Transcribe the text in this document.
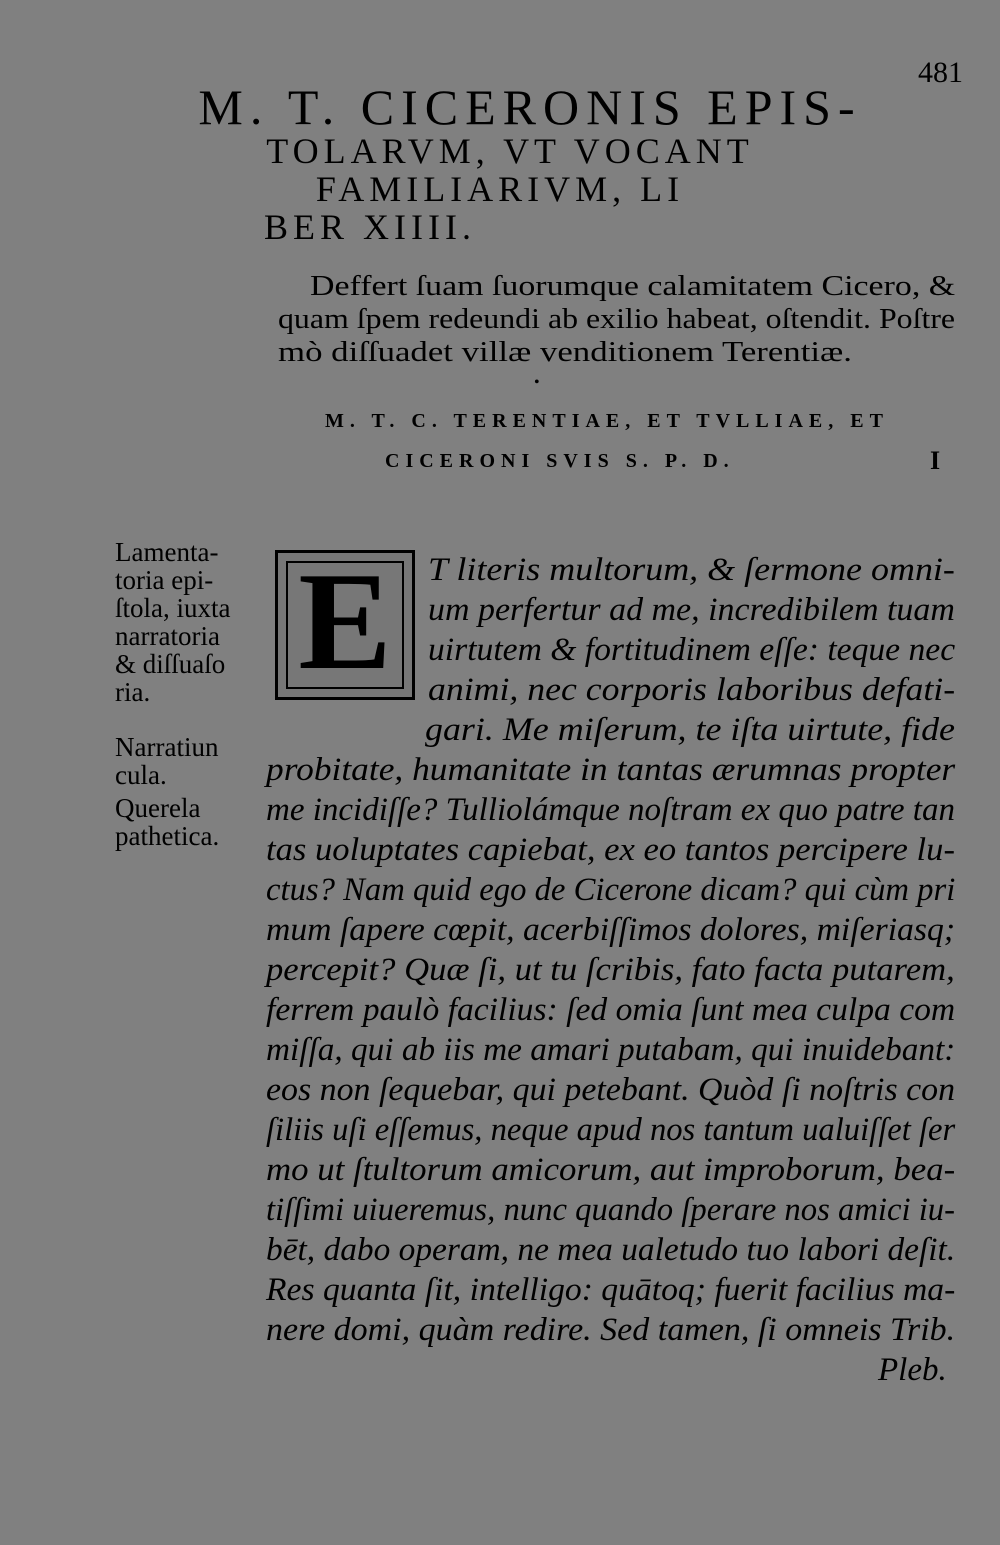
481
M. T. CICERONIS EPIS-
TOLARVM, VT VOCANT
FAMILIARIVM, LI
BER XIIII.
Deffert ſuam ſuorumque calamitatem Cicero, &
quam ſpem redeundi ab exilio habeat, oſtendit. Poſtre
mò diſſuadet villæ venditionem Terentiæ.
•
M. T. C. TERENTIAE, ET TVLLIAE, ET
CICERONI SVIS S. P. D.	I
Lamenta-
toria epi-
ſtola, iuxta
narratoria
& diſſuaſo
ria.
Narratiun
cula.
Querela
pathetica.
E	T literis multorum, & ſermone omni-
um perfertur ad me, incredibilem tuam
uirtutem & fortitudinem eſſe: teque nec
animi, nec corporis laboribus defati-
gari. Me miſerum, te iſta uirtute, fide
probitate, humanitate in tantas ærumnas propter
me incidiſſe? Tulliolámque noſtram ex quo patre tan
tas uoluptates capiebat, ex eo tantos percipere lu-
ctus? Nam quid ego de Cicerone dicam? qui cùm pri
mum ſapere cœpit, acerbiſſimos dolores, miſeriasq;
percepit? Quæ ſi, ut tu ſcribis, fato facta putarem,
ferrem paulò facilius: ſed omia ſunt mea culpa com
miſſa, qui ab iis me amari putabam, qui inuidebant:
eos non ſequebar, qui petebant. Quòd ſi noſtris con
ſiliis uſi eſſemus, neque apud nos tantum ualuiſſet ſer
mo ut ſtultorum amicorum, aut improborum, bea-
tiſſimi uiueremus, nunc quando ſperare nos amici iu-
bēt, dabo operam, ne mea ualetudo tuo labori deſit.
Res quanta ſit, intelligo: quātoq; fuerit facilius ma-
nere domi, quàm redire. Sed tamen, ſi omneis Trib.
Pleb.
